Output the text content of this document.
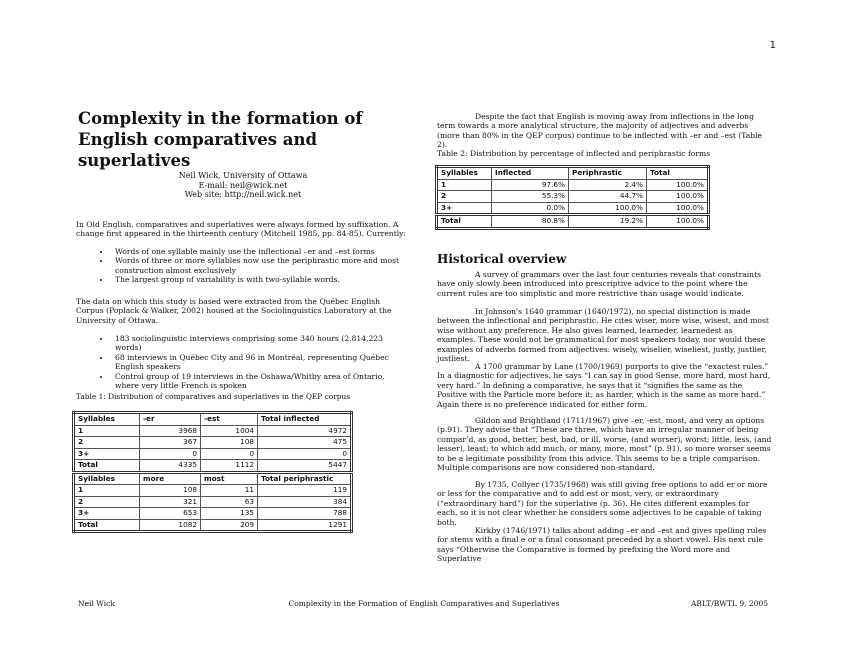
1
Complexity in the formation of English comparatives and superlatives
Neil Wick, University of Ottawa
E-mail: neil@wick.net
Web site: http://neil.wick.net

In Old English, comparatives and superlatives were always formed by suffixation. A change first appeared in the thirteenth century (Mitchell 1985, pp. 84-85). Currently:

• Words of one syllable mainly use the inflectional –er and –est forms
• Words of three or more syllables now use the periphrastic more and most construction almost exclusively
• The largest group of variability is with two-syllable words.

The data on which this study is based were extracted from the Québec English Corpus (Poplack & Walker, 2002) housed at the Sociolinguistics Laboratory at the University of Ottawa.

• 183 sociolinguistic interviews comprising some 340 hours (2,814,223 words)
• 68 interviews in Québec City and 96 in Montréal, representing Québec English speakers
• Control group of 19 interviews in the Oshawa/Whitby area of Ontario, where very little French is spoken
Table 1: Distribution of comparatives and superlatives in the QEP corpus
Syllables	-er	-est	Total inflected
1	3968	1004	4972
2	367	108	475
3+	0	0	0
Total	4335	1112	5447
Syllables	more	most	Total periphrastic
1	108	11	119
2	321	63	384
3+	653	135	788
Total	1082	209	1291

Despite the fact that English is moving away from inflections in the long term towards a more analytical structure, the majority of adjectives and adverbs (more than 80% in the QEP corpus) continue to be inflected with –er and –est (Table 2).

Table 2: Distribution by percentage of inflected and periphrastic forms
Syllables	Inflected	Periphrastic	Total
1	97.6%	2.4%	100.0%
2	55.3%	44.7%	100.0%
3+	0.0%	100.0%	100.0%
Total	80.8%	19.2%	100.0%
Historical overview

A survey of grammars over the last four centuries reveals that constraints have only slowly been introduced into prescriptive advice to the point where the current rules are too simplistic and more restrictive than usage would indicate.

In Johnson's 1640 grammar (1640/1972), no special distinction is made between the inflectional and periphrastic. He cites wiser, more wise, wisest, and most wise without any preference. He also gives learned, learneder, learnedest as examples. These would not be grammatical for most speakers today, nor would these examples of adverbs formed from adjectives: wisely, wiselier, wiseliest, justly, justlier, justliest.

A 1700 grammar by Lane (1700/1969) purports to give the “exactest rules.” In a diagnostic for adjectives, he says “I can say in good Sense, more hard, most hard, very hard.” In defining a comparative, he says that it “signifies the same as the Positive with the Particle more before it; as harder, which is the same as more hard.” Again there is no preference indicated for either form.

Gildon and Brightland (1711/1967) give –er, -est, most, and very as options (p.91). They advise that “These are three, which have an irregular manner of being compar’d, as good, better, best, bad, or ill, worse, (and worser), worst; little, less, (and lesser), least; to which add much, or many, more, most” (p. 91), so more worser seems to be a legitimate possibility from this advice. This seems to be a triple comparison. Multiple comparisons are now considered non-standard.

By 1735, Collyer (1735/1968) was still giving free options to add er or more or less for the comparative and to add est or most, very, or extraordinary (“extraordinary hard”) for the superlative (p. 36). He cites different examples for each, so it is not clear whether he considers some adjectives to be capable of taking both.

Kirkby (1746/1971) talks about adding –er and –est and gives spelling rules for stems with a final e or a final consonant preceded by a short vowel. His next rule says “Otherwise the Comparative is formed by prefixing the Word more and Superlative

Neil Wick	Complexity in the Formation of English Comparatives and Superlatives	ABLT/BWTL 9, 2005
